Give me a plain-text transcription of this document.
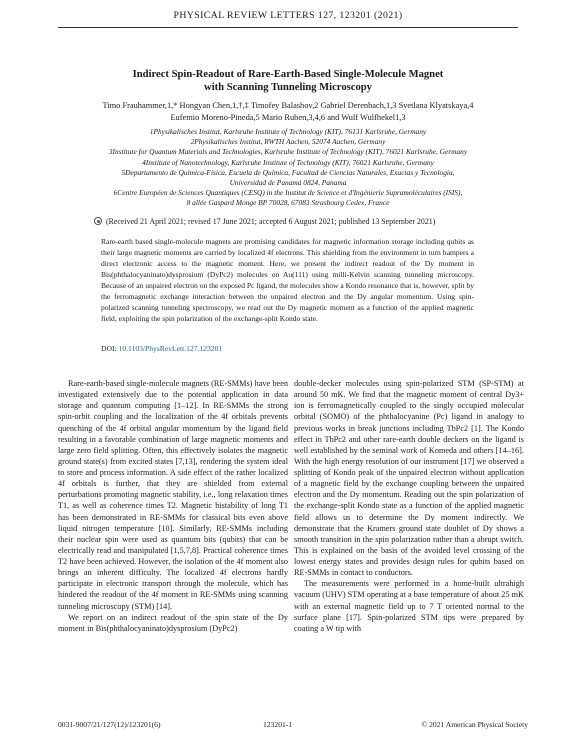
PHYSICAL REVIEW LETTERS 127, 123201 (2021)
Indirect Spin-Readout of Rare-Earth-Based Single-Molecule Magnet
with Scanning Tunneling Microscopy
Timo Frauhammer,1,* Hongyan Chen,1,†,‡ Timofey Balashov,2 Gabriel Derenbach,1,3 Svetlana Klyatskaya,4
Eufemio Moreno-Pineda,5 Mario Ruben,3,4,6 and Wulf Wulfhekel1,3
1Physikalisches Institut, Karlsruhe Institute of Technology (KIT), 76131 Karlsruhe, Germany
2Physikalisches Institut, RWTH Aachen, 52074 Aachen, Germany
3Institute for Quantum Materials and Technologies, Karlsruhe Institute of Technology (KIT), 76021 Karlsruhe, Germany
4Institute of Nanotechnology, Karlsruhe Institute of Technology (KIT), 76021 Karlsruhe, Germany
5Departamento de Química-Física, Escuela de Química, Facultad de Ciencias Naturales, Exactas y Tecnología,
Universidad de Panamá 0824, Panama
6Centre Européen de Sciences Quantiques (CESQ) in the Institut de Science et d'Ingénierie Supramoléculaires (ISIS),
8 allée Gaspard Monge BP 70028, 67083 Strasbourg Cedex, France
(Received 21 April 2021; revised 17 June 2021; accepted 6 August 2021; published 13 September 2021)
Rare-earth based single-molecule magnets are promising candidates for magnetic information storage including qubits as their large magnetic moments are carried by localized 4f electrons. This shielding from the environment in turn hampers a direct electronic access to the magnetic moment. Here, we present the indirect readout of the Dy moment in Bis(phthalocyaninato)dysprosium (DyPc2) molecules on Au(111) using milli-Kelvin scanning tunneling microscopy. Because of an unpaired electron on the exposed Pc ligand, the molecules show a Kondo resonance that is, however, split by the ferromagnetic exchange interaction between the unpaired electron and the Dy angular momentum. Using spin-polarized scanning tunneling spectroscopy, we read out the Dy magnetic moment as a function of the applied magnetic field, exploiting the spin polarization of the exchange-split Kondo state.
DOI: 10.1103/PhysRevLett.127.123201

Rare-earth-based single-molecule magnets (RE-SMMs) have been investigated extensively due to the potential application in data storage and quantum computing [1–12]. In RE-SMMs the strong spin-orbit coupling and the localization of the 4f orbitals prevents quenching of the 4f orbital angular momentum by the ligand field resulting in a favorable combination of large magnetic moments and large zero field splitting. Often, this effectively isolates the magnetic ground state(s) from excited states [7,13], rendering the system ideal to store and process information. A side effect of the rather localized 4f orbitals is further, that they are shielded from external perturbations promoting magnetic stability, i.e., long relaxation times T1, as well as coherence times T2. Magnetic bistability of long T1 has been demonstrated in RE-SMMs for classical bits even above liquid nitrogen temperature [10]. Similarly, RE-SMMs including their nuclear spin were used as quantum bits (qubits) that can be electrically read and manipulated [1,5,7,8]. Practical coherence times T2 have been achieved. However, the isolation of the 4f moment also brings an inherent difficulty. The localized 4f electrons hardly participate in electronic transport through the molecule, which has hindered the readout of the 4f moment in RE-SMMs using scanning tunneling microscopy (STM) [14].

We report on an indirect readout of the spin state of the Dy moment in Bis(phthalocyaninato)dysprosium (DyPc2)

double-decker molecules using spin-polarized STM (SP-STM) at around 50 mK. We find that the magnetic moment of central Dy3+ ion is ferromagnetically coupled to the singly occupied molecular orbital (SOMO) of the phthalocyanine (Pc) ligand in analogy to previous works in break junctions including TbPc2 [1]. The Kondo effect in TbPc2 and other rare-earth double deckers on the ligand is well established by the seminal work of Komeda and others [14–16]. With the high energy resolution of our instrument [17] we observed a splitting of Kondo peak of the unpaired electron without application of a magnetic field by the exchange coupling between the unpaired electron and the Dy momentum. Reading out the spin polarization of the exchange-split Kondo state as a function of the applied magnetic field allows us to determine the Dy moment indirectly. We demonstrate that the Kramers ground state doublet of Dy shows a smooth transition in the spin polarization rather than a abrupt switch. This is explained on the basis of the avoided level crossing of the lowest energy states and provides design rules for qubits based on RE-SMMs in contact to conductors.

The measurements were performed in a home-built ultrahigh vacuum (UHV) STM operating at a base temperature of about 25 mK with an external magnetic field up to 7 T oriented normal to the surface plane [17]. Spin-polarized STM tips were prepared by coating a W tip with

0031-9007/21/127(12)/123201(6)	123201-1	© 2021 American Physical Society
